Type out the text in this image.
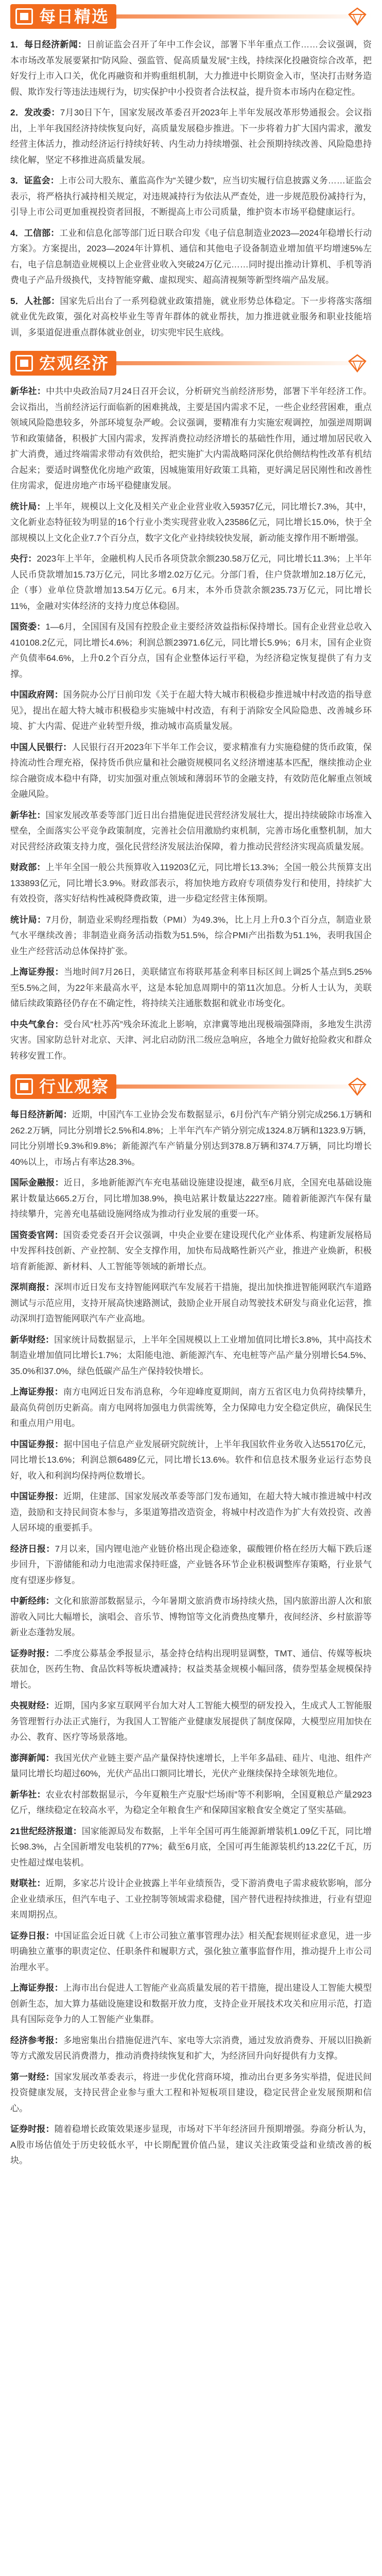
每日精选

1．每日经济新闻：日前证监会召开了年中工作会议，部署下半年重点工作……会议强调，资本市场改革发展要紧扣“防风险、强监管、促高质量发展”主线，持续深化投融资综合改革，把好发行上市入口关，优化再融资和并购重组机制，大力推进中长期资金入市，坚决打击财务造假、欺诈发行等违法违规行为，切实保护中小投资者合法权益，提升资本市场内在稳定性。

2．发改委：7月30日下午，国家发展改革委召开2023年上半年发展改革形势通报会。会议指出，上半年我国经济持续恢复向好，高质量发展稳步推进。下一步将着力扩大国内需求，激发经营主体活力，推动经济运行持续好转、内生动力持续增强、社会预期持续改善、风险隐患持续化解，坚定不移推进高质量发展。

3．证监会：上市公司大股东、董监高作为“关键少数”，应当切实履行信息披露义务……证监会表示，将严格执行减持相关规定，对违规减持行为依法从严查处，进一步规范股份减持行为，引导上市公司更加重视投资者回报，不断提高上市公司质量，维护资本市场平稳健康运行。

4．工信部：工业和信息化部等部门近日联合印发《电子信息制造业2023—2024年稳增长行动方案》。方案提出，2023—2024年计算机、通信和其他电子设备制造业增加值平均增速5%左右，电子信息制造业规模以上企业营业收入突破24万亿元……同时提出推动计算机、手机等消费电子产品升级换代，支持智能穿戴、虚拟现实、超高清视频等新型终端产品发展。

5．人社部：国家先后出台了一系列稳就业政策措施，就业形势总体稳定。下一步将落实落细就业优先政策，强化对高校毕业生等青年群体的就业帮扶，加力推进就业服务和职业技能培训，多渠道促进重点群体就业创业，切实兜牢民生底线。

宏观经济

新华社：中共中央政治局7月24日召开会议，分析研究当前经济形势，部署下半年经济工作。会议指出，当前经济运行面临新的困难挑战，主要是国内需求不足，一些企业经营困难，重点领域风险隐患较多，外部环境复杂严峻。会议强调，要精准有力实施宏观调控，加强逆周期调节和政策储备，积极扩大国内需求，发挥消费拉动经济增长的基础性作用，通过增加居民收入扩大消费，通过终端需求带动有效供给，把实施扩大内需战略同深化供给侧结构性改革有机结合起来；要适时调整优化房地产政策，因城施策用好政策工具箱，更好满足居民刚性和改善性住房需求，促进房地产市场平稳健康发展。

统计局：上半年，规模以上文化及相关产业企业营业收入59357亿元，同比增长7.3%，其中，文化新业态特征较为明显的16个行业小类实现营业收入23586亿元，同比增长15.0%，快于全部规模以上文化企业7.7个百分点，数字文化产业持续较快发展，新动能支撑作用不断增强。

央行：2023年上半年，金融机构人民币各项贷款余额230.58万亿元，同比增长11.3%；上半年人民币贷款增加15.73万亿元，同比多增2.02万亿元。分部门看，住户贷款增加2.18万亿元，企（事）业单位贷款增加13.54万亿元。6月末，本外币贷款余额235.73万亿元，同比增长11%，金融对实体经济的支持力度总体稳固。

国资委：1—6月，全国国有及国有控股企业主要经济效益指标保持增长。国有企业营业总收入410108.2亿元，同比增长4.6%；利润总额23971.6亿元，同比增长5.9%；6月末，国有企业资产负债率64.6%，上升0.2个百分点，国有企业整体运行平稳，为经济稳定恢复提供了有力支撑。

中国政府网：国务院办公厅日前印发《关于在超大特大城市积极稳步推进城中村改造的指导意见》，提出在超大特大城市积极稳步实施城中村改造，有利于消除安全风险隐患、改善城乡环境、扩大内需、促进产业转型升级，推动城市高质量发展。

中国人民银行：人民银行召开2023年下半年工作会议，要求精准有力实施稳健的货币政策，保持流动性合理充裕，保持货币供应量和社会融资规模同名义经济增速基本匹配，继续推动企业综合融资成本稳中有降，切实加强对重点领域和薄弱环节的金融支持，有效防范化解重点领域金融风险。

新华社：国家发展改革委等部门近日出台措施促进民营经济发展壮大，提出持续破除市场准入壁垒，全面落实公平竞争政策制度，完善社会信用激励约束机制，完善市场化重整机制，加大对民营经济政策支持力度，强化民营经济发展法治保障，着力推动民营经济实现高质量发展。

财政部：上半年全国一般公共预算收入119203亿元，同比增长13.3%；全国一般公共预算支出133893亿元，同比增长3.9%。财政部表示，将加快地方政府专项债券发行和使用，持续扩大有效投资，落实好结构性减税降费政策，进一步稳定经营主体预期。

统计局：7月份，制造业采购经理指数（PMI）为49.3%，比上月上升0.3个百分点，制造业景气水平继续改善；非制造业商务活动指数为51.5%，综合PMI产出指数为51.1%，表明我国企业生产经营活动总体保持扩张。

上海证券报：当地时间7月26日，美联储宣布将联邦基金利率目标区间上调25个基点到5.25%至5.5%之间，为22年来最高水平，这是本轮加息周期中的第11次加息。分析人士认为，美联储后续政策路径仍存在不确定性，将持续关注通胀数据和就业市场变化。

中央气象台：受台风“杜苏芮”残余环流北上影响，京津冀等地出现极端强降雨，多地发生洪涝灾害。国家防总针对北京、天津、河北启动防汛二级应急响应，各地全力做好抢险救灾和群众转移安置工作。

行业观察

每日经济新闻：近期，中国汽车工业协会发布数据显示，6月份汽车产销分别完成256.1万辆和262.2万辆，同比分别增长2.5%和4.8%；上半年汽车产销分别完成1324.8万辆和1323.9万辆，同比分别增长9.3%和9.8%；新能源汽车产销量分别达到378.8万辆和374.7万辆，同比均增长40%以上，市场占有率达28.3%。

国际金融报：近日，多地新能源汽车充电基础设施建设提速，截至6月底，全国充电基础设施累计数量达665.2万台，同比增加38.9%，换电站累计数量达2227座。随着新能源汽车保有量持续攀升，完善充电基础设施网络成为推动行业发展的重要一环。

国资委官网：国资委党委召开会议强调，中央企业要在建设现代化产业体系、构建新发展格局中发挥科技创新、产业控制、安全支撑作用，加快布局战略性新兴产业，推进产业焕新，积极培育新能源、新材料、人工智能等领域的新增长点。

深圳商报：深圳市近日发布支持智能网联汽车发展若干措施，提出加快推进智能网联汽车道路测试与示范应用，支持开展高快速路测试，鼓励企业开展自动驾驶技术研发与商业化运营，推动深圳打造智能网联汽车产业高地。

新华财经：国家统计局数据显示，上半年全国规模以上工业增加值同比增长3.8%，其中高技术制造业增加值同比增长1.7%；太阳能电池、新能源汽车、充电桩等产品产量分别增长54.5%、35.0%和37.0%，绿色低碳产品生产保持较快增长。

上海证券报：南方电网近日发布消息称，今年迎峰度夏期间，南方五省区电力负荷持续攀升，最高负荷创历史新高。南方电网将加强电力供需统筹，全力保障电力安全稳定供应，确保民生和重点用户用电。

中国证券报：据中国电子信息产业发展研究院统计，上半年我国软件业务收入达55170亿元，同比增长13.6%；利润总额6489亿元，同比增长13.6%。软件和信息技术服务业运行态势良好，收入和利润均保持两位数增长。

中国证券报：近期，住建部、国家发展改革委等部门发布通知，在超大特大城市推进城中村改造，鼓励和支持民间资本参与，多渠道筹措改造资金，将城中村改造作为扩大有效投资、改善人居环境的重要抓手。

经济日报：7月以来，国内锂电池产业链价格出现企稳迹象，碳酸锂价格在经历大幅下跌后逐步回升，下游储能和动力电池需求保持旺盛，产业链各环节企业积极调整库存策略，行业景气度有望逐步修复。

中新经纬：文化和旅游部数据显示，今年暑期文旅消费市场持续火热，国内旅游出游人次和旅游收入同比大幅增长，演唱会、音乐节、博物馆等文化消费热度攀升，夜间经济、乡村旅游等新业态蓬勃发展。

证券时报：二季度公募基金季报显示，基金持仓结构出现明显调整，TMT、通信、传媒等板块获加仓，医药生物、食品饮料等板块遭减持；权益类基金规模小幅回落，债券型基金规模保持增长。

央视财经：近期，国内多家互联网平台加大对人工智能大模型的研发投入，生成式人工智能服务管理暂行办法正式施行，为我国人工智能产业健康发展提供了制度保障，大模型应用加快在办公、教育、医疗等场景落地。

澎湃新闻：我国光伏产业链主要产品产量保持快速增长，上半年多晶硅、硅片、电池、组件产量同比增长均超过60%，光伏产品出口额同比增长，光伏产业继续保持全球领先地位。

新华社：农业农村部数据显示，今年夏粮生产克服“烂场雨”等不利影响，全国夏粮总产量2923亿斤，继续稳定在较高水平，为稳定全年粮食生产和保障国家粮食安全奠定了坚实基础。

21世纪经济报道：国家能源局发布数据，上半年全国可再生能源新增装机1.09亿千瓦，同比增长98.3%，占全国新增发电装机的77%；截至6月底，全国可再生能源装机约13.22亿千瓦，历史性超过煤电装机。

财联社：近期，多家芯片设计企业披露上半年业绩预告，受下游消费电子需求疲软影响，部分企业业绩承压，但汽车电子、工业控制等领域需求稳健，国产替代进程持续推进，行业有望迎来周期拐点。

证券日报：中国证监会近日就《上市公司独立董事管理办法》相关配套规则征求意见，进一步明确独立董事的职责定位、任职条件和履职方式，强化独立董事监督作用，推动提升上市公司治理水平。

上海证券报：上海市出台促进人工智能产业高质量发展的若干措施，提出建设人工智能大模型创新生态，加大算力基础设施建设和数据开放力度，支持企业开展技术攻关和应用示范，打造具有国际竞争力的人工智能产业集群。

经济参考报：多地密集出台措施促进汽车、家电等大宗消费，通过发放消费券、开展以旧换新等方式激发居民消费潜力，推动消费持续恢复和扩大，为经济回升向好提供有力支撑。

第一财经：国家发展改革委表示，将进一步优化营商环境，推动出台更多务实举措，促进民间投资健康发展，支持民营企业参与重大工程和补短板项目建设，稳定民营企业发展预期和信心。

证券时报：随着稳增长政策效果逐步显现，市场对下半年经济回升预期增强。券商分析认为，A股市场估值处于历史较低水平，中长期配置价值凸显，建议关注政策受益和业绩改善的板块。
